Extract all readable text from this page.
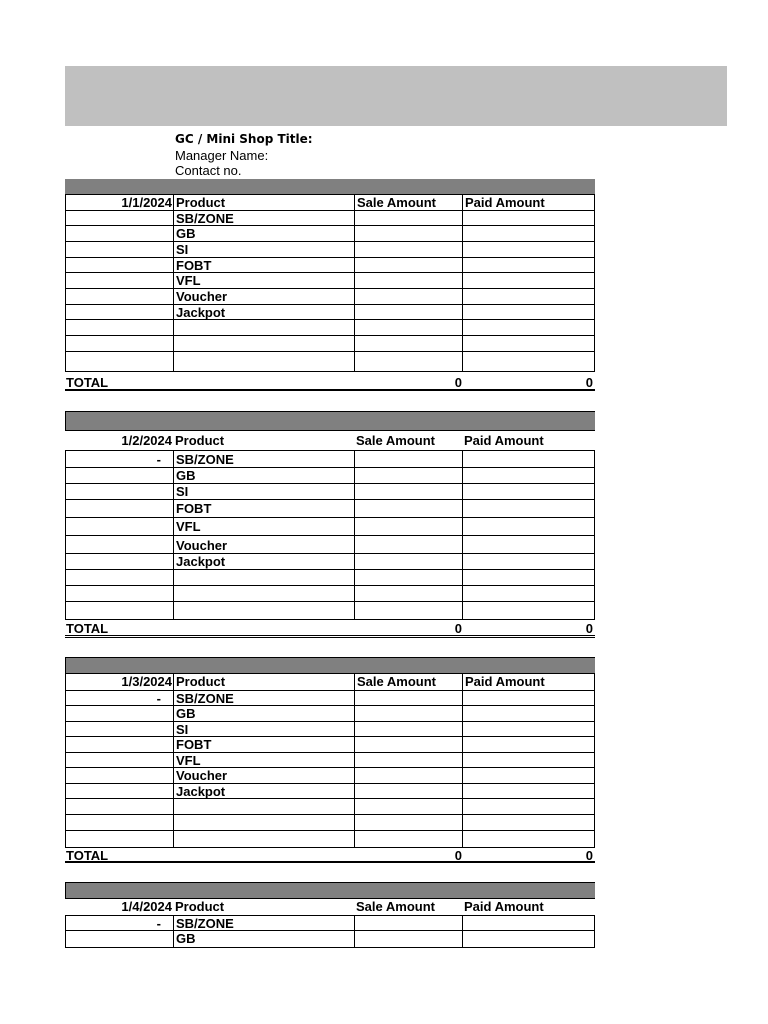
GC / Mini Shop Title:
Manager Name:
Contact no.
1/1/2024 Product	Sale Amount	Paid Amount
SB/ZONE
GB
SI
FOBT
VFL
Voucher
Jackpot
TOTAL	0	0
1/2/2024 Product	Sale Amount	Paid Amount
-	SB/ZONE
GB
SI
FOBT
VFL
Voucher
Jackpot
TOTAL	0	0
1/3/2024 Product	Sale Amount	Paid Amount
-	SB/ZONE
GB
SI
FOBT
VFL
Voucher
Jackpot
TOTAL	0	0
1/4/2024 Product	Sale Amount	Paid Amount
-	SB/ZONE
GB
